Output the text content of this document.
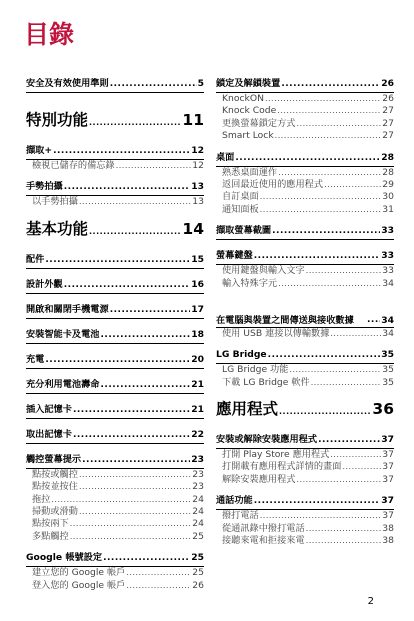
目錄
安全及有效使用準則 .....	5
特別功能 .....	11
擷取+ .....	12
檢視已儲存的備忘錄 .....	12
手勢拍攝 .....	13
以手勢拍攝 .....	13
基本功能 .....	14
配件 .....	15
設計外觀 .....	16
開啟和關閉手機電源 .....	17
安裝智能卡及電池 .....	18
充電 .....	20
充分利用電池壽命 .....	21
插入記憶卡 .....	21
取出記憶卡 .....	22
觸控螢幕提示 .....	23
點按或觸控 .....	23
點按並按住 .....	23
拖拉 .....	24
掃動或滑動 .....	24
點按兩下 .....	24
多點觸控 .....	25
Google 帳號設定 .....	25
建立您的 Google 帳戶 .....	25
登入您的 Google 帳戶 .....	26
鎖定及解鎖裝置 .....	26
KnockON .....	26
Knock Code .....	27
更換螢幕鎖定方式 .....	27
Smart Lock .....	27
桌面 .....	28
熟悉桌面運作 .....	28
返回最近使用的應用程式 .....	29
自訂桌面 .....	30
通知面板 .....	31
擷取螢幕截圖 .....	33
螢幕鍵盤 .....	33
使用鍵盤與輸入文字 .....	33
輸入特殊字元 .....	34
在電腦與裝置之間傳送與接收數據 .....	34
使用 USB 連接以傳輸數據 .....	34
LG Bridge .....	35
LG Bridge 功能 .....	35
下載 LG Bridge 軟件 .....	35
應用程式 .....	36
安裝或解除安裝應用程式 .....	37
打開 Play Store 應用程式 .....	37
打開載有應用程式詳情的畫面 .....	37
解除安裝應用程式 .....	37
通話功能 .....	37
撥打電話 .....	37
從通訊錄中撥打電話 .....	38
接聽來電和拒接來電 .....	38
2
